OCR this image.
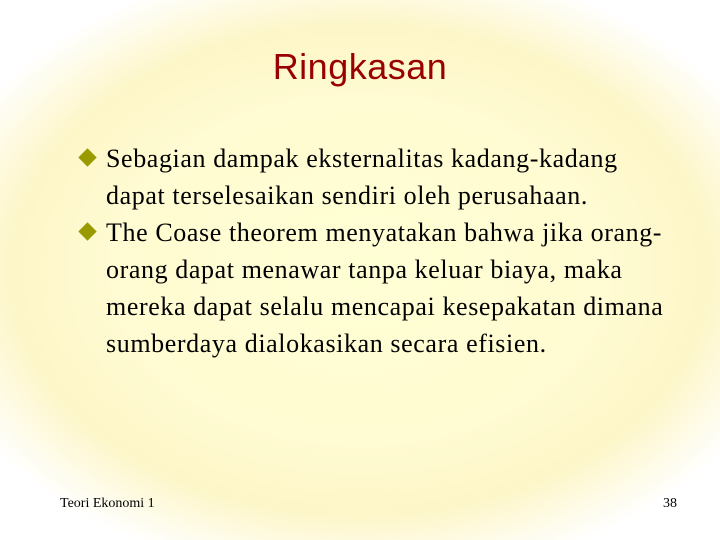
Ringkasan
Sebagian dampak eksternalitas kadang-kadang dapat terselesaikan sendiri oleh perusahaan.
The Coase theorem menyatakan bahwa jika orang-orang dapat menawar tanpa keluar biaya, maka mereka dapat selalu mencapai kesepakatan dimana sumberdaya dialokasikan secara efisien.
Teori Ekonomi 1	38
